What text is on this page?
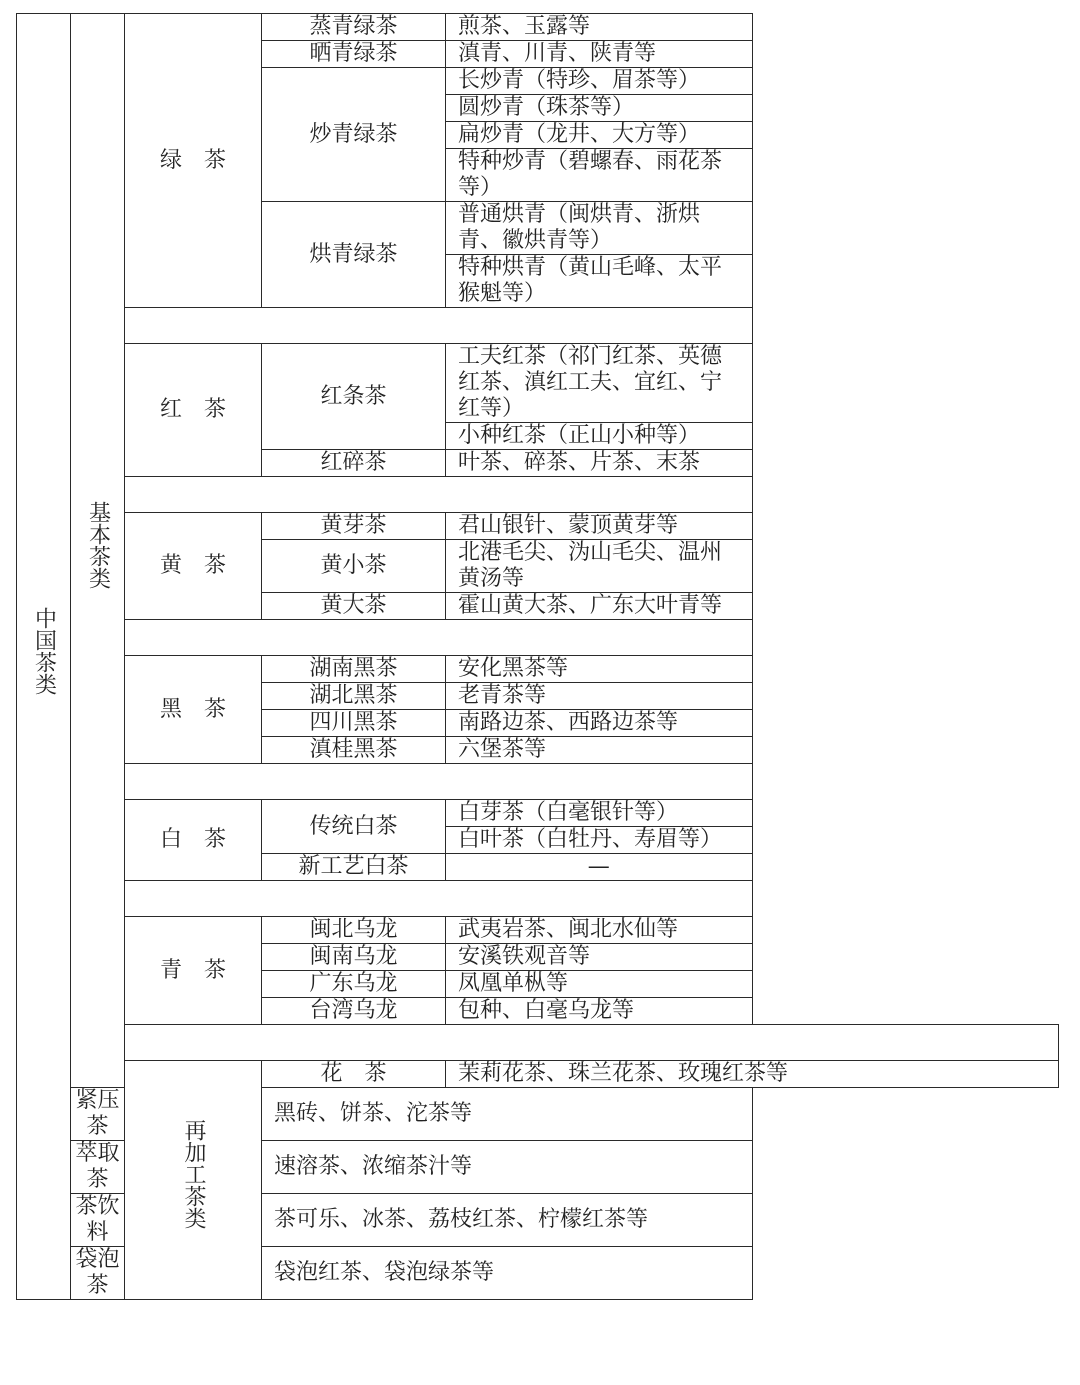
中国茶类	基本茶类	绿　茶	蒸青绿茶	煎茶、玉露等
			晒青绿茶	滇青、川青、陕青等
			炒青绿茶	长炒青（特珍、眉茶等）
				圆炒青（珠茶等）
				扁炒青（龙井、大方等）
				特种炒青（碧螺春、雨花茶等）
			烘青绿茶	普通烘青（闽烘青、浙烘青、徽烘青等）
				特种烘青（黄山毛峰、太平猴魁等）

		红　茶	红条茶	工夫红茶（祁门红茶、英德红茶、滇红工夫、宜红、宁红等）
				小种红茶（正山小种等）
			红碎茶	叶茶、碎茶、片茶、末茶

		黄　茶	黄芽茶	君山银针、蒙顶黄芽等
			黄小茶	北港毛尖、沩山毛尖、温州黄汤等
			黄大茶	霍山黄大茶、广东大叶青等

		黑　茶	湖南黑茶	安化黑茶等
			湖北黑茶	老青茶等
			四川黑茶	南路边茶、西路边茶等
			滇桂黑茶	六堡茶等

		白　茶	传统白茶	白芽茶（白毫银针等）
				白叶茶（白牡丹、寿眉等）
			新工艺白茶	—

		青　茶	闽北乌龙	武夷岩茶、闽北水仙等
			闽南乌龙	安溪铁观音等
			广东乌龙	凤凰单枞等
			台湾乌龙	包种、白毫乌龙等

		再加工茶类	花　茶	茉莉花茶、珠兰花茶、玫瑰红茶等
	紧压茶		黑砖、饼茶、沱茶等	
	萃取茶		速溶茶、浓缩茶汁等	
	茶饮料		茶可乐、冰茶、荔枝红茶、柠檬红茶等	
	袋泡茶		袋泡红茶、袋泡绿茶等	
